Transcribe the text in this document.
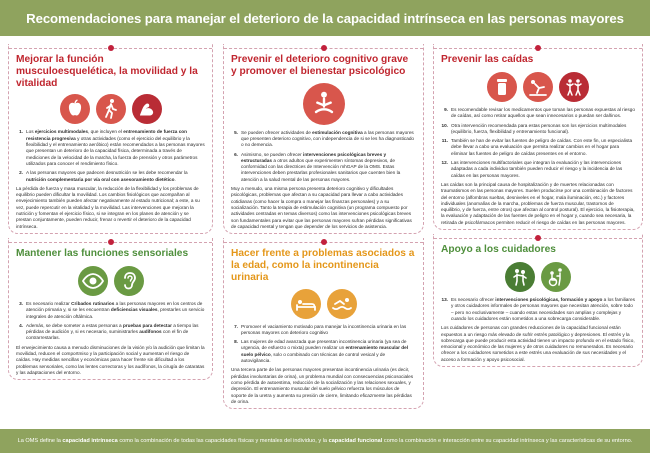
Recomendaciones para manejar el deterioro de la capacidad intrínseca en las personas mayores
Mejorar la función musculoesquelética, la movilidad y la vitalidad
1. Los ejercicios multimodales, que incluyen el entrenamiento de fuerza con resistencia progresiva y otras actividades (como el ejercicio del equilibrio y la flexibilidad y el entrenamiento aeróbico) están recomendados a las personas mayores que presentan un deterioro de la capacidad física, determinada a través de mediciones de la velocidad de la marcha, la fuerza de prensión y otros parámetros utilizados para conocer el rendimiento físico.
2. A las personas mayores que padecen desnutrición se les debe recomendar la nutrición complementaria por vía oral con asesoramiento dietético.

La pérdida de fuerza y masa muscular, la reducción de la flexibilidad y los problemas de equilibrio pueden dificultar la movilidad. Los cambios fisiológicos que acompañan al envejecimiento también pueden afectar negativamente al estado nutricional; a este, a su vez, puede repercutir en la vitalidad y la movilidad. Las intervenciones que mejoran la nutrición y fomentan el ejercicio físico, si se integran en los planes de atención y se prestan conjuntamente, pueden reducir, frenar o revertir el deterioro de la capacidad intrínseca.

Mantener las funciones sensoriales
3. Es necesario realizar Cribados rutinarios a las personas mayores en los centros de atención primaria y, si se les encuentran deficiencias visuales, prestarles un servicio integrales de atención oftálmica.
4. Además, se debe someter a estas personas a pruebas para detectar a tiempo las pérdidas de audición y, si es necesario, suministrarles audífonos con el fin de contrarrestarlas.

El envejecimiento causa a menudo disminuciones de la visión y/o la audición que limitan la movilidad, reducen el comportmiso y la participación social y aumentan el riesgo de caídas. Hay medidas sencillas y económicas para hacer frente sin dificultad a los problemas sensoriales, como las lentes correctoras y los audífonos, la cirugía de cataratas y las adaptaciones del entorno.

Prevenir el deterioro cognitivo grave y promover el bienestar psicológico
5. Se pueden ofrecer actividades de estimulación cognitiva a las personas mayores que presenten deterioro cognitivo, con independencia de si se les ha diagnosticado o no demencia.
6. Asimismo, se pueden ofrecer intervenciones psicológicas breves y estructuradas a otros adultos que experimenten síntomas depresivos, de conformidad con las directrices de Intervención mhGAP de la OMS. Estas intervenciones deben prestarlas profesionales sanitarios que cuenten bien la atención a la salud mental de las personas mayores.

Muy a menudo, una misma persona presenta deterioro cognitivo y dificultades psicológicas, problemas que afectan a su capacidad para llevar a cabo actividades cotidianas (como hacer la compra o manejar las finanzas personales) y a su socialización. Tanto la terapia de estimulación cognitiva (un programa compuesto por actividades centradas en temas diversos) como las intervenciones psicológicas breves son fundamentales para evitar que las personas mayores sufran pérdidas significativas de capacidad mental y tengan que depender de los servicios de asistencia.

Hacer frente a problemas asociados a la edad, como la incontinencia urinaria
7. Promover el vaciamiento motivado para manejar la incontinencia urinaria en las personas mayores con deterioro cognitivo
8. Las mujeres de edad avanzada que presentan incontinencia urinaria (ya sea de urgencia, de esfuerzo o mixta) pueden realizar un entrenamiento muscular del suelo pélvico, solo o combinado con técnicas de control vesical y de autovigilancia.

Una tercera parte de las personas mayores presentan incontinencia urinaria (es decir, pérdidas involuntarias de orina), un problema mundial con consecuencias psicosociales como pérdida de autoestima, reducción de la socialización y las relaciones sexuales, y depresión. El entrenamiento muscular del suelo pélvico refuerza los músculos de soporte de la uretra y aumenta su presión de cierre, limitando eficazmente las pérdidas de orina.

Prevenir las caídas
9. Es recomendable revisar los medicamentos que toman las personas expuestas al riesgo de caídas, así como retirar aquellos que sean innecesarios o puedan ser dañinos.
10. Otra intervención recomendada para estas personas son los ejercicios multimodales (equilibrio, fuerza, flexibilidad y entrenamiento funcional).
11. También se han de evitar las fuentes de peligro de caídas. Con este fin, un especialista debe llevar a cabo una evaluación que permita realizar cambios en el hogar para eliminar las fuentes de peligro de caídas presentes en el entorno.
12. Las intervenciones multifactoriales que integran la evaluación y las intervenciones adaptadas a cada individuo también pueden reducir el riesgo y la incidencia de las caídas en las personas mayores.

Las caídas son la principal causa de hospitalización y de muertes relacionadas con traumatismos en las personas mayores. Suelen producirse por una combinación de factores del entorno (alfombras sueltas, desniveles en el hogar, mala iluminación, etc.) y factores individuales (anomalías de la marcha, problemas de fuerza muscular, trastornos de equilibrio, y de fuerza, entre otros) que afectan al control postural). El ejercicio, la fisioterapia, la evaluación y adaptación de las fuentes de peligro en el hogar y, cuando sea necesaria, la retirada de psicofármacos permiten reducir el riesgo de caídas en las personas mayores.

Apoyo a los cuidadores
13. Es necesario ofrecer intervenciones psicológicas, formación y apoyo a los familiares y otros cuidadores informales de personas mayores que necesitan atención, sobre todo – pero no exclusivamente – cuando estas necesidades son amplias y complejas y cuando los cuidadores están sometidos a una sobrecarga considerable.

Los cuidadores de personas con grandes reducciones de la capacidad funcional están expuestos a un riesgo más elevado de sufrir estrés patológico y depresiones. El estrés y la sobrecarga que puede producir esta actividad tienen un impacto profundo en el estado físico, emocional y económico de las mujeres y de otros cuidadores no remunerados. Es necesario ofrecer a los cuidadores sometidos a este estrés una evaluación de sus necesidades y el acceso a formación y apoyo psicosocial.

La OMS define la capacidad intrínseca como la combinación de todas las capacidades físicas y mentales del individuo, y la capacidad funcional como la combinación e interacción entre su capacidad intrínseca y las características de su entorno.
